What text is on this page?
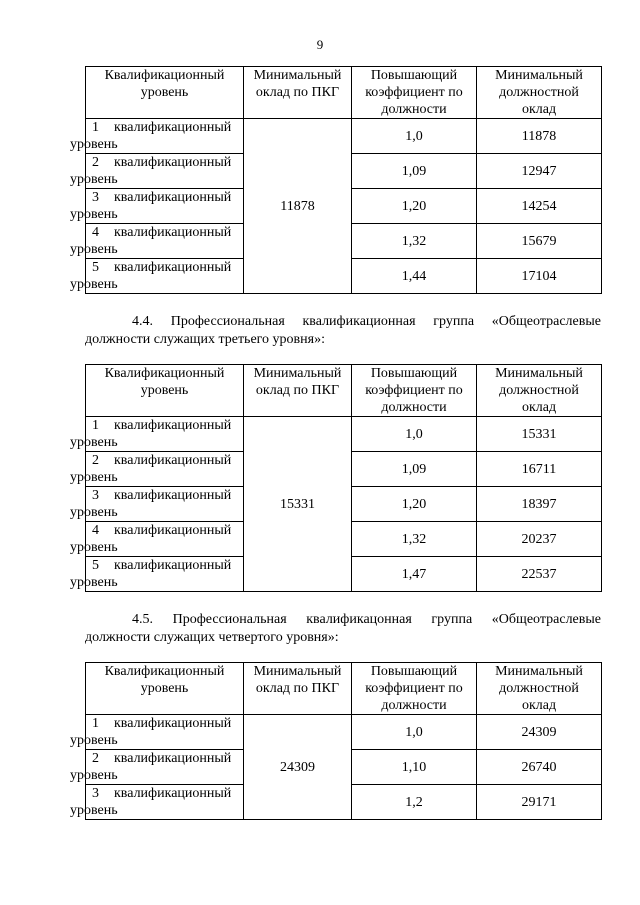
9
Квалификационный уровень	Минимальный оклад по ПКГ	Повышающий коэффициент по должности	Минимальный должностной оклад
1 квалификационный
уровень	11878	1,0	11878
2 квалификационный
уровень		1,09	12947
3 квалификационный
уровень		1,20	14254
4 квалификационный
уровень		1,32	15679
5 квалификационный
уровень		1,44	17104
4.4. Профессиональная квалификационная группа «Общеотраслевые должности служащих третьего уровня»:
Квалификационный уровень	Минимальный оклад по ПКГ	Повышающий коэффициент по должности	Минимальный должностной оклад
1 квалификационный
уровень	15331	1,0	15331
2 квалификационный
уровень		1,09	16711
3 квалификационный
уровень		1,20	18397
4 квалификационный
уровень		1,32	20237
5 квалификационный
уровень		1,47	22537
4.5. Профессиональная квалификацонная группа «Общеотраслевые должности служащих четвертого уровня»:
Квалификационный уровень	Минимальный оклад по ПКГ	Повышающий коэффициент по должности	Минимальный должностной оклад
1 квалификационный
уровень	24309	1,0	24309
2 квалификационный
уровень		1,10	26740
3 квалификационный
уровень		1,2	29171
